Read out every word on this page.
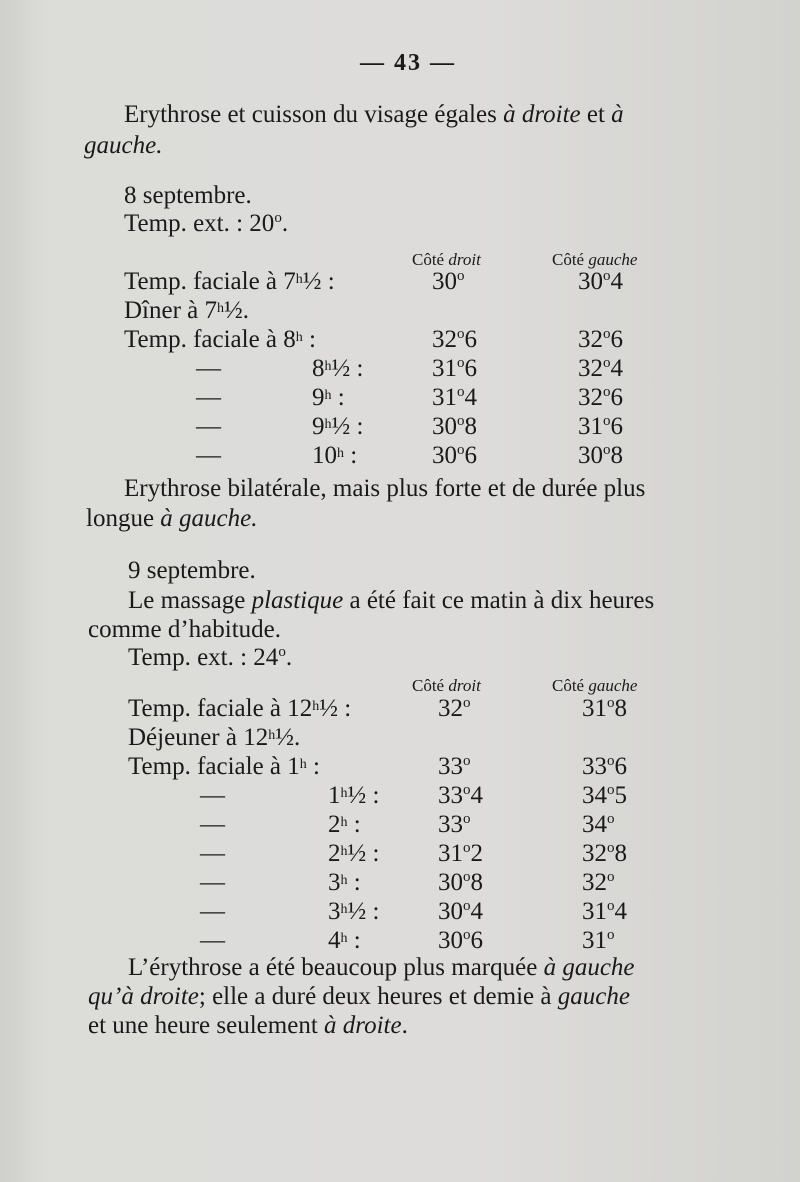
— 43 —
Erythrose et cuisson du visage égales à droite et à
gauche.
8 septembre.
Temp. ext. : 20$^o$.
Côté droit	Côté gauche
Temp. faciale à 7$^h$½ :	30$^o$	30$^o$4
Dîner à 7$^h$½.
Temp. faciale à 8$^h$ :	32$^o$6	32$^o$6
—	8$^h$½ :	31$^o$6	32$^o$4
—	9$^h$ :	31$^o$4	32$^o$6
—	9$^h$½ :	30$^o$8	31$^o$6
—	10$^h$ :	30$^o$6	30$^o$8
Erythrose bilatérale, mais plus forte et de durée plus
longue à gauche.
9 septembre.
Le massage plastique a été fait ce matin à dix heures
comme d’habitude.
Temp. ext. : 24$^o$.
Côté droit	Côté gauche
Temp. faciale à 12$^h$½ :	32$^o$	31$^o$8
Déjeuner à 12$^h$½.
Temp. faciale à 1$^h$ :	33$^o$	33$^o$6
—	1$^h$½ : 33$^o$4	34$^o$5
—	2$^h$ :	33$^o$	34$^o$
—	2$^h$½ : 31$^o$2	32$^o$8
—	3$^h$ :	30$^o$8	32$^o$
—	3$^h$½ : 30$^o$4	31$^o$4
—	4$^h$ :	30$^o$6	31$^o$
L’érythrose a été beaucoup plus marquée à gauche
qu’à droite; elle a duré deux heures et demie à gauche
et une heure seulement à droite.
